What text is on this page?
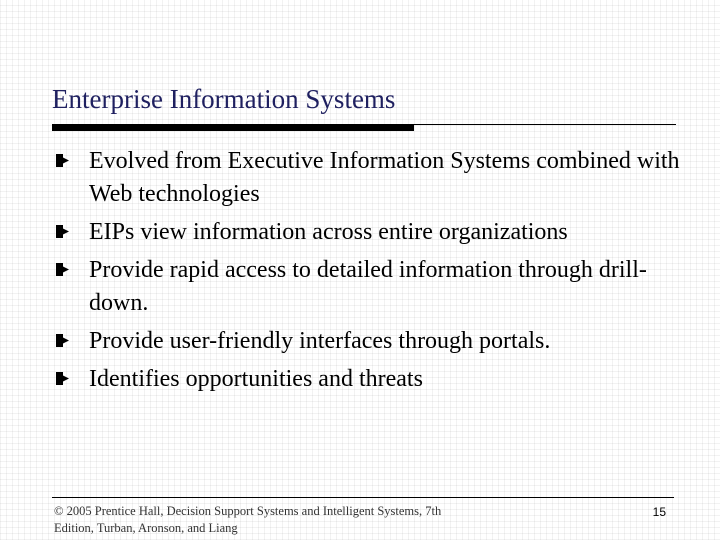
Enterprise Information Systems
Evolved from Executive Information Systems combined with Web technologies
EIPs view information across entire organizations
Provide rapid access to detailed information through drill-down.
Provide user-friendly interfaces through portals.
Identifies opportunities and threats
© 2005 Prentice Hall, Decision Support Systems and Intelligent Systems, 7th Edition, Turban, Aronson, and Liang
15
